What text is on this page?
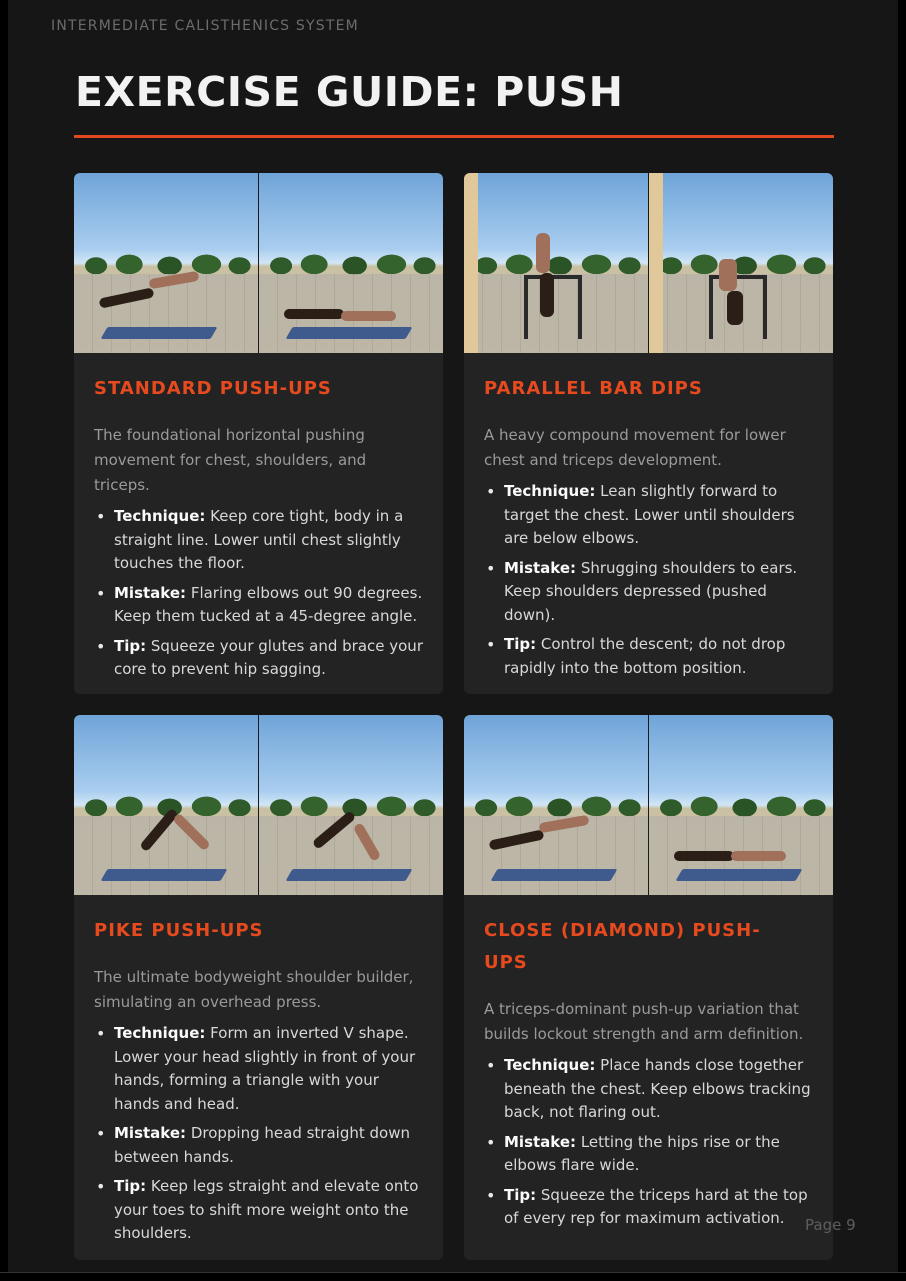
INTERMEDIATE CALISTHENICS SYSTEM
EXERCISE GUIDE: PUSH
STANDARD PUSH-UPS
The foundational horizontal pushing movement for chest, shoulders, and triceps.
• Technique: Keep core tight, body in a straight line. Lower until chest slightly touches the floor.
• Mistake: Flaring elbows out 90 degrees. Keep them tucked at a 45-degree angle.
• Tip: Squeeze your glutes and brace your core to prevent hip sagging.
PARALLEL BAR DIPS
A heavy compound movement for lower chest and triceps development.
• Technique: Lean slightly forward to target the chest. Lower until shoulders are below elbows.
• Mistake: Shrugging shoulders to ears. Keep shoulders depressed (pushed down).
• Tip: Control the descent; do not drop rapidly into the bottom position.
PIKE PUSH-UPS
The ultimate bodyweight shoulder builder, simulating an overhead press.
• Technique: Form an inverted V shape. Lower your head slightly in front of your hands, forming a triangle with your hands and head.
• Mistake: Dropping head straight down between hands.
• Tip: Keep legs straight and elevate onto your toes to shift more weight onto the shoulders.
CLOSE (DIAMOND) PUSH-UPS
A triceps-dominant push-up variation that builds lockout strength and arm definition.
• Technique: Place hands close together beneath the chest. Keep elbows tracking back, not flaring out.
• Mistake: Letting the hips rise or the elbows flare wide.
• Tip: Squeeze the triceps hard at the top of every rep for maximum activation.	Page 9
